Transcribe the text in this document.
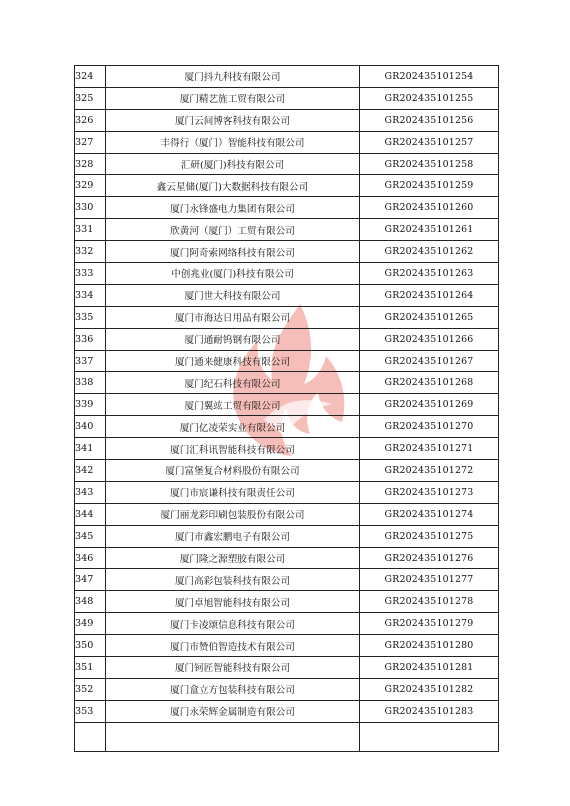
324	厦门抖九科技有限公司	GR202435101254
325	厦门精艺旌工贸有限公司	GR202435101255
326	厦门云间博客科技有限公司	GR202435101256
327	丰得行（厦门）智能科技有限公司	GR202435101257
328	汇研(厦门)科技有限公司	GR202435101258
329	鑫云星储(厦门)大数据科技有限公司	GR202435101259
330	厦门永锋盛电力集团有限公司	GR202435101260
331	欣黄河（厦门）工贸有限公司	GR202435101261
332	厦门阿奇索网络科技有限公司	GR202435101262
333	中创兆业(厦门)科技有限公司	GR202435101263
334	厦门世大科技有限公司	GR202435101264
335	厦门市海达日用品有限公司	GR202435101265
336	厦门通耐钨钢有限公司	GR202435101266
337	厦门通来健康科技有限公司	GR202435101267
338	厦门纪石科技有限公司	GR202435101268
339	厦门翼竑工贸有限公司	GR202435101269
340	厦门亿凌荣实业有限公司	GR202435101270
341	厦门汇科讯智能科技有限公司	GR202435101271
342	厦门富堡复合材料股份有限公司	GR202435101272
343	厦门市宸谦科技有限责任公司	GR202435101273
344	厦门丽龙彩印刷包装股份有限公司	GR202435101274
345	厦门市鑫宏鹏电子有限公司	GR202435101275
346	厦门隆之源塑胶有限公司	GR202435101276
347	厦门高彩包装科技有限公司	GR202435101277
348	厦门卓旭智能科技有限公司	GR202435101278
349	厦门卡凌颂信息科技有限公司	GR202435101279
350	厦门市赞伯智造技术有限公司	GR202435101280
351	厦门钶匠智能科技有限公司	GR202435101281
352	厦门盒立方包装科技有限公司	GR202435101282
353	厦门永荣辉金属制造有限公司	GR202435101283
